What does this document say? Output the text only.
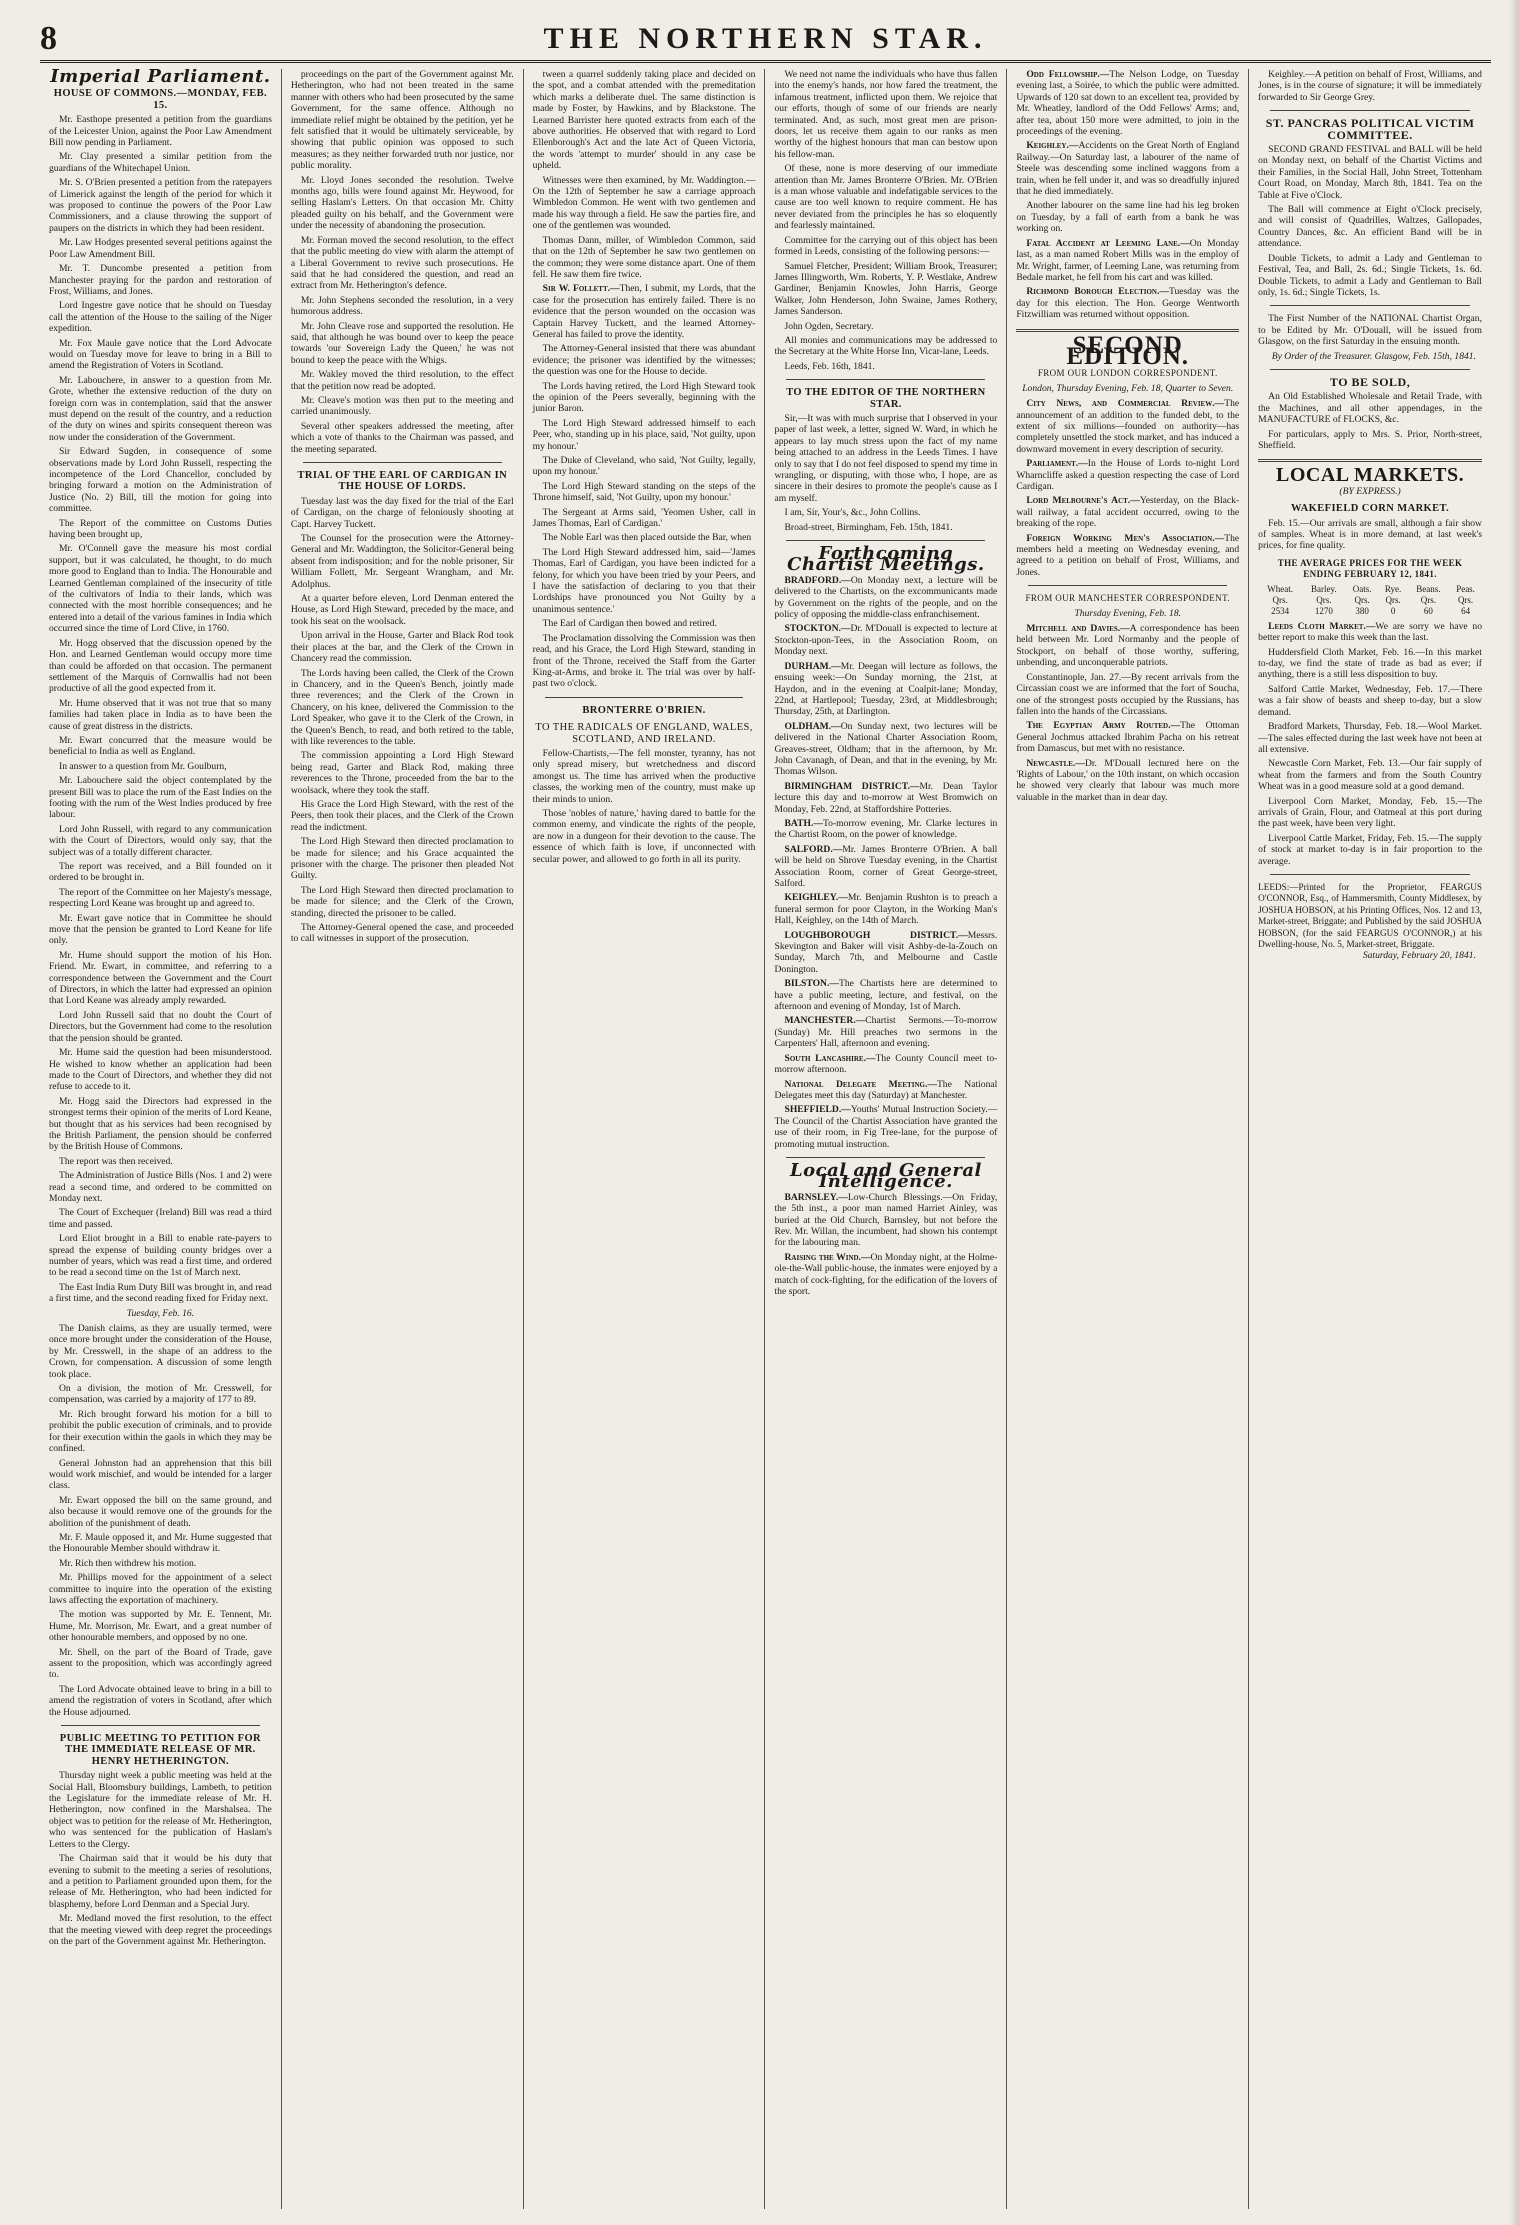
8	THE NORTHERN STAR.
Imperial Parliament.
HOUSE OF COMMONS.—MONDAY, FEB. 15.

Mr. Easthope presented a petition from the guardians of the Leicester Union, against the Poor Law Amendment Bill now pending in Parliament.

Mr. Clay presented a similar petition from the guardians of the Whitechapel Union.

Mr. S. O'Brien presented a petition from the ratepayers of Limerick against the length of the period for which it was proposed to continue the powers of the Poor Law Commissioners, and a clause throwing the support of paupers on the districts in which they had been resident.

Mr. Law Hodges presented several petitions against the Poor Law Amendment Bill.

Mr. T. Duncombe presented a petition from Manchester praying for the pardon and restoration of Frost, Williams, and Jones.

Lord Ingestre gave notice that he should on Tuesday call the attention of the House to the sailing of the Niger expedition.

Mr. Fox Maule gave notice that the Lord Advocate would on Tuesday move for leave to bring in a Bill to amend the Registration of Voters in Scotland.

Mr. Labouchere, in answer to a question from Mr. Grote, whether the extensive reduction of the duty on foreign corn was in contemplation, said that the answer must depend on the result of the country, and a reduction of the duty on wines and spirits consequent thereon was now under the consideration of the Government.

Sir Edward Sugden, in consequence of some observations made by Lord John Russell, respecting the incompetence of the Lord Chancellor, concluded by bringing forward a motion on the Administration of Justice (No. 2) Bill, till the motion for going into committee.

The Report of the committee on Customs Duties having been brought up,

Mr. O'Connell gave the measure his most cordial support, but it was calculated, he thought, to do much more good to England than to India. The Honourable and Learned Gentleman complained of the insecurity of title of the cultivators of India to their lands, which was connected with the most horrible consequences; and he entered into a detail of the various famines in India which occurred since the time of Lord Clive, in 1760.

Mr. Hogg observed that the discussion opened by the Hon. and Learned Gentleman would occupy more time than could be afforded on that occasion. The permanent settlement of the Marquis of Cornwallis had not been productive of all the good expected from it.

Mr. Hume observed that it was not true that so many families had taken place in India as to have been the cause of great distress in the districts.

Mr. Ewart concurred that the measure would be beneficial to India as well as England.

In answer to a question from Mr. Goulburn,

Mr. Labouchere said the object contemplated by the present Bill was to place the rum of the East Indies on the footing with the rum of the West Indies produced by free labour.

Lord John Russell, with regard to any communication with the Court of Directors, would only say, that the subject was of a totally different character.

The report was received, and a Bill founded on it ordered to be brought in.

The report of the Committee on her Majesty's message, respecting Lord Keane was brought up and agreed to.

Mr. Ewart gave notice that in Committee he should move that the pension be granted to Lord Keane for life only.

Mr. Hume should support the motion of his Hon. Friend. Mr. Ewart, in committee, and referring to a correspondence between the Government and the Court of Directors, in which the latter had expressed an opinion that Lord Keane was already amply rewarded.

Lord John Russell said that no doubt the Court of Directors, but the Government had come to the resolution that the pension should be granted.

Mr. Hume said the question had been misunderstood. He wished to know whether an application had been made to the Court of Directors, and whether they did not refuse to accede to it.

Mr. Hogg said the Directors had expressed in the strongest terms their opinion of the merits of Lord Keane, but thought that as his services had been recognised by the British Parliament, the pension should be conferred by the British House of Commons.

The report was then received.

The Administration of Justice Bills (Nos. 1 and 2) were read a second time, and ordered to be committed on Monday next.

The Court of Exchequer (Ireland) Bill was read a third time and passed.

Lord Eliot brought in a Bill to enable rate-payers to spread the expense of building county bridges over a number of years, which was read a first time, and ordered to be read a second time on the 1st of March next.

The East India Rum Duty Bill was brought in, and read a first time, and the second reading fixed for Friday next.

Tuesday, Feb. 16.

The Danish claims, as they are usually termed, were once more brought under the consideration of the House, by Mr. Cresswell, in the shape of an address to the Crown, for compensation. A discussion of some length took place.

On a division, the motion of Mr. Cresswell, for compensation, was carried by a majority of 177 to 89.

Mr. Rich brought forward his motion for a bill to prohibit the public execution of criminals, and to provide for their execution within the gaols in which they may be confined.

General Johnston had an apprehension that this bill would work mischief, and would be intended for a larger class.

Mr. Ewart opposed the bill on the same ground, and also because it would remove one of the grounds for the abolition of the punishment of death.

Mr. F. Maule opposed it, and Mr. Hume suggested that the Honourable Member should withdraw it.

Mr. Rich then withdrew his motion.

Mr. Phillips moved for the appointment of a select committee to inquire into the operation of the existing laws affecting the exportation of machinery.

The motion was supported by Mr. E. Tennent, Mr. Hume, Mr. Morrison, Mr. Ewart, and a great number of other honourable members, and opposed by no one.

Mr. Shell, on the part of the Board of Trade, gave assent to the proposition, which was accordingly agreed to.

The Lord Advocate obtained leave to bring in a bill to amend the registration of voters in Scotland, after which the House adjourned.

PUBLIC MEETING TO PETITION FOR THE IMMEDIATE RELEASE OF MR. HENRY HETHERINGTON.

Thursday night week a public meeting was held at the Social Hall, Bloomsbury buildings, Lambeth, to petition the Legislature for the immediate release of Mr. H. Hetherington, now confined in the Marshalsea. The object was to petition for the release of Mr. Hetherington, who was sentenced for the publication of Haslam's Letters to the Clergy.

The Chairman said that it would be his duty that evening to submit to the meeting a series of resolutions, and a petition to Parliament grounded upon them, for the release of Mr. Hetherington, who had been indicted for blasphemy, before Lord Denman and a Special Jury.

Mr. Medland moved the first resolution, to the effect that the meeting viewed with deep regret the proceedings on the part of the Government against Mr. Hetherington.

proceedings on the part of the Government against Mr. Hetherington, who had not been treated in the same manner with others who had been prosecuted by the same Government, for the same offence. Although no immediate relief might be obtained by the petition, yet he felt satisfied that it would be ultimately serviceable, by showing that public opinion was opposed to such measures; as they neither forwarded truth nor justice, nor public morality.

Mr. Lloyd Jones seconded the resolution. Twelve months ago, bills were found against Mr. Heywood, for selling Haslam's Letters. On that occasion Mr. Chitty pleaded guilty on his behalf, and the Government were under the necessity of abandoning the prosecution.

Mr. Forman moved the second resolution, to the effect that the public meeting do view with alarm the attempt of a Liberal Government to revive such prosecutions. He said that he had considered the question, and read an extract from Mr. Hetherington's defence.

Mr. John Stephens seconded the resolution, in a very humorous address.

Mr. John Cleave rose and supported the resolution. He said, that although he was bound over to keep the peace towards 'our Sovereign Lady the Queen,' he was not bound to keep the peace with the Whigs.

Mr. Wakley moved the third resolution, to the effect that the petition now read be adopted.

Mr. Cleave's motion was then put to the meeting and carried unanimously.

Several other speakers addressed the meeting, after which a vote of thanks to the Chairman was passed, and the meeting separated.

TRIAL OF THE EARL OF CARDIGAN IN THE HOUSE OF LORDS.

Tuesday last was the day fixed for the trial of the Earl of Cardigan, on the charge of feloniously shooting at Capt. Harvey Tuckett.

The Counsel for the prosecution were the Attorney-General and Mr. Waddington, the Solicitor-General being absent from indisposition; and for the noble prisoner, Sir William Follett, Mr. Sergeant Wrangham, and Mr. Adolphus.

At a quarter before eleven, Lord Denman entered the House, as Lord High Steward, preceded by the mace, and took his seat on the woolsack.

Upon arrival in the House, Garter and Black Rod took their places at the bar, and the Clerk of the Crown in Chancery read the commission.

The Lords having been called, the Clerk of the Crown in Chancery, and in the Queen's Bench, jointly made three reverences; and the Clerk of the Crown in Chancery, on his knee, delivered the Commission to the Lord Speaker, who gave it to the Clerk of the Crown, in the Queen's Bench, to read, and both retired to the table, with like reverences to the table.

The commission appointing a Lord High Steward being read, Garter and Black Rod, making three reverences to the Throne, proceeded from the bar to the woolsack, where they took the staff.

His Grace the Lord High Steward, with the rest of the Peers, then took their places, and the Clerk of the Crown read the indictment.

The Lord High Steward then directed proclamation to be made for silence; and his Grace acquainted the prisoner with the charge. The prisoner then pleaded Not Guilty.

The Lord High Steward then directed proclamation to be made for silence; and the Clerk of the Crown, standing, directed the prisoner to be called.

The Attorney-General opened the case, and proceeded to call witnesses in support of the prosecution.

tween a quarrel suddenly taking place and decided on the spot, and a combat attended with the premeditation which marks a deliberate duel. The same distinction is made by Foster, by Hawkins, and by Blackstone. The Learned Barrister here quoted extracts from each of the above authorities. He observed that with regard to Lord Ellenborough's Act and the late Act of Queen Victoria, the words 'attempt to murder' should in any case be upheld.

Witnesses were then examined, by Mr. Waddington.—On the 12th of September he saw a carriage approach Wimbledon Common. He went with two gentlemen and made his way through a field. He saw the parties fire, and one of the gentlemen was wounded.

Thomas Dann, miller, of Wimbledon Common, said that on the 12th of September he saw two gentlemen on the common; they were some distance apart. One of them fell. He saw them fire twice.

Sir W. Follett.—Then, I submit, my Lords, that the case for the prosecution has entirely failed. There is no evidence that the person wounded on the occasion was Captain Harvey Tuckett, and the learned Attorney-General has failed to prove the identity.

The Attorney-General insisted that there was abundant evidence; the prisoner was identified by the witnesses; the question was one for the House to decide.

The Lords having retired, the Lord High Steward took the opinion of the Peers severally, beginning with the junior Baron.

The Lord High Steward addressed himself to each Peer, who, standing up in his place, said, 'Not guilty, upon my honour.'

The Duke of Cleveland, who said, 'Not Guilty, legally, upon my honour.'

The Lord High Steward standing on the steps of the Throne himself, said, 'Not Guilty, upon my honour.'

The Sergeant at Arms said, 'Yeomen Usher, call in James Thomas, Earl of Cardigan.'

The Noble Earl was then placed outside the Bar, when

The Lord High Steward addressed him, said—'James Thomas, Earl of Cardigan, you have been indicted for a felony, for which you have been tried by your Peers, and I have the satisfaction of declaring to you that their Lordships have pronounced you Not Guilty by a unanimous sentence.'

The Earl of Cardigan then bowed and retired.

The Proclamation dissolving the Commission was then read, and his Grace, the Lord High Steward, standing in front of the Throne, received the Staff from the Garter King-at-Arms, and broke it. The trial was over by half-past two o'clock.

BRONTERRE O'BRIEN.
TO THE RADICALS OF ENGLAND, WALES, SCOTLAND, AND IRELAND.

Fellow-Chartists,—The fell monster, tyranny, has not only spread misery, but wretchedness and discord amongst us. The time has arrived when the productive classes, the working men of the country, must make up their minds to union.

Those 'nobles of nature,' having dared to battle for the common enemy, and vindicate the rights of the people, are now in a dungeon for their devotion to the cause. The essence of which faith is love, if unconnected with secular power, and allowed to go forth in all its purity.

We need not name the individuals who have thus fallen into the enemy's hands, nor how fared the treatment, the infamous treatment, inflicted upon them. We rejoice that our efforts, though of some of our friends are nearly terminated. And, as such, most great men are prison-doors, let us receive them again to our ranks as men worthy of the highest honours that man can bestow upon his fellow-man.

Of these, none is more deserving of our immediate attention than Mr. James Bronterre O'Brien. Mr. O'Brien is a man whose valuable and indefatigable services to the cause are too well known to require comment. He has never deviated from the principles he has so eloquently and fearlessly maintained.

Committee for the carrying out of this object has been formed in Leeds, consisting of the following persons:—

Samuel Fletcher, President; William Brook, Treasurer; James Illingworth, Wm. Roberts, Y. P. Westlake, Andrew Gardiner, Benjamin Knowles, John Harris, George Walker, John Henderson, John Swaine, James Rothery, James Sanderson.

John Ogden, Secretary.

All monies and communications may be addressed to the Secretary at the White Horse Inn, Vicar-lane, Leeds.

Leeds, Feb. 16th, 1841.

TO THE EDITOR OF THE NORTHERN STAR.

Sir,—It was with much surprise that I observed in your paper of last week, a letter, signed W. Ward, in which he appears to lay much stress upon the fact of my name being attached to an address in the Leeds Times. I have only to say that I do not feel disposed to spend my time in wrangling, or disputing, with those who, I hope, are as sincere in their desires to promote the people's cause as I am myself.

I am, Sir, Your's, &c., John Collins.

Broad-street, Birmingham, Feb. 15th, 1841.

Forthcoming Chartist Meetings.

BRADFORD.—On Monday next, a lecture will be delivered to the Chartists, on the excommunicants made by Government on the rights of the people, and on the policy of opposing the middle-class enfranchisement.

STOCKTON.—Dr. M'Douall is expected to lecture at Stockton-upon-Tees, in the Association Room, on Monday next.

DURHAM.—Mr. Deegan will lecture as follows, the ensuing week:—On Sunday morning, the 21st, at Haydon, and in the evening at Coalpit-lane; Monday, 22nd, at Hartlepool; Tuesday, 23rd, at Middlesbrough; Thursday, 25th, at Darlington.

OLDHAM.—On Sunday next, two lectures will be delivered in the National Charter Association Room, Greaves-street, Oldham; that in the afternoon, by Mr. John Cavanagh, of Dean, and that in the evening, by Mr. Thomas Wilson.

BIRMINGHAM DISTRICT.—Mr. Dean Taylor lecture this day and to-morrow at West Bromwich on Monday, Feb. 22nd, at Staffordshire Potteries.

BATH.—To-morrow evening, Mr. Clarke lectures in the Chartist Room, on the power of knowledge.

SALFORD.—Mr. James Bronterre O'Brien. A ball will be held on Shrove Tuesday evening, in the Chartist Association Room, corner of Great George-street, Salford.

KEIGHLEY.—Mr. Benjamin Rushton is to preach a funeral sermon for poor Clayton, in the Working Man's Hall, Keighley, on the 14th of March.

LOUGHBOROUGH DISTRICT.—Messrs. Skevington and Baker will visit Ashby-de-la-Zouch on Sunday, March 7th, and Melbourne and Castle Donington.

BILSTON.—The Chartists here are determined to have a public meeting, lecture, and festival, on the afternoon and evening of Monday, 1st of March.

MANCHESTER.—Chartist Sermons.—To-morrow (Sunday) Mr. Hill preaches two sermons in the Carpenters' Hall, afternoon and evening.

South Lancashire.—The County Council meet to-morrow afternoon.

National Delegate Meeting.—The National Delegates meet this day (Saturday) at Manchester.

SHEFFIELD.—Youths' Mutual Instruction Society.—The Council of the Chartist Association have granted the use of their room, in Fig Tree-lane, for the purpose of promoting mutual instruction.

Local and General Intelligence.

BARNSLEY.—Low-Church Blessings.—On Friday, the 5th inst., a poor man named Harriet Ainley, was buried at the Old Church, Barnsley, but not before the Rev. Mr. Willan, the incumbent, had shown his contempt for the labouring man.

Raising the Wind.—On Monday night, at the Holme-ole-the-Wall public-house, the inmates were enjoyed by a match of cock-fighting, for the edification of the lovers of the sport.

Odd Fellowship.—The Nelson Lodge, on Tuesday evening last, a Soirée, to which the public were admitted. Upwards of 120 sat down to an excellent tea, provided by Mr. Wheatley, landlord of the Odd Fellows' Arms; and, after tea, about 150 more were admitted, to join in the proceedings of the evening.

Keighley.—Accidents on the Great North of England Railway.—On Saturday last, a labourer of the name of Steele was descending some inclined waggons from a train, when he fell under it, and was so dreadfully injured that he died immediately.

Another labourer on the same line had his leg broken on Tuesday, by a fall of earth from a bank he was working on.

Fatal Accident at Leeming Lane.—On Monday last, as a man named Robert Mills was in the employ of Mr. Wright, farmer, of Leeming Lane, was returning from Bedale market, he fell from his cart and was killed.

Richmond Borough Election.—Tuesday was the day for this election. The Hon. George Wentworth Fitzwilliam was returned without opposition.

SECOND EDITION.
FROM OUR LONDON CORRESPONDENT.
London, Thursday Evening, Feb. 18, Quarter to Seven.

City News, and Commercial Review.—The announcement of an addition to the funded debt, to the extent of six millions—founded on authority—has completely unsettled the stock market, and has induced a downward movement in every description of security.

Parliament.—In the House of Lords to-night Lord Wharncliffe asked a question respecting the case of Lord Cardigan.

Lord Melbourne's Act.—Yesterday, on the Black-wall railway, a fatal accident occurred, owing to the breaking of the rope.

Foreign Working Men's Association.—The members held a meeting on Wednesday evening, and agreed to a petition on behalf of Frost, Williams, and Jones.

FROM OUR MANCHESTER CORRESPONDENT.
Thursday Evening, Feb. 18.

Mitchell and Davies.—A correspondence has been held between Mr. Lord Normanby and the people of Stockport, on behalf of those worthy, suffering, unbending, and unconquerable patriots.

Constantinople, Jan. 27.—By recent arrivals from the Circassian coast we are informed that the fort of Soucha, one of the strongest posts occupied by the Russians, has fallen into the hands of the Circassians.

The Egyptian Army Routed.—The Ottoman General Jochmus attacked Ibrahim Pacha on his retreat from Damascus, but met with no resistance.

Newcastle.—Dr. M'Douall lectured here on the 'Rights of Labour,' on the 10th instant, on which occasion he showed very clearly that labour was much more valuable in the market than in dear day.

Keighley.—A petition on behalf of Frost, Williams, and Jones, is in the course of signature; it will be immediately forwarded to Sir George Grey.

ST. PANCRAS POLITICAL VICTIM COMMITTEE.

SECOND GRAND FESTIVAL and BALL will be held on Monday next, on behalf of the Chartist Victims and their Families, in the Social Hall, John Street, Tottenham Court Road, on Monday, March 8th, 1841. Tea on the Table at Five o'Clock.

The Ball will commence at Eight o'Clock precisely, and will consist of Quadrilles, Waltzes, Gallopades, Country Dances, &c. An efficient Band will be in attendance.

Double Tickets, to admit a Lady and Gentleman to Festival, Tea, and Ball, 2s. 6d.; Single Tickets, 1s. 6d. Double Tickets, to admit a Lady and Gentleman to Ball only, 1s. 6d.; Single Tickets, 1s.

The First Number of the NATIONAL Chartist Organ, to be Edited by Mr. O'Douall, will be issued from Glasgow, on the first Saturday in the ensuing month.

By Order of the Treasurer. Glasgow, Feb. 15th, 1841.
TO BE SOLD,

An Old Established Wholesale and Retail Trade, with the Machines, and all other appendages, in the MANUFACTURE of FLOCKS, &c.

For particulars, apply to Mrs. S. Prior, North-street, Sheffield.

LOCAL MARKETS.
(BY EXPRESS.)
WAKEFIELD CORN MARKET.

Feb. 15.—Our arrivals are small, although a fair show of samples. Wheat is in more demand, at last week's prices, for fine quality.

THE AVERAGE PRICES FOR THE WEEK ENDING FEBRUARY 12, 1841.
Wheat.	Barley.	Oats.	Rye.	Beans.	Peas.
Qrs.	Qrs.	Qrs.	Qrs.	Qrs.	Qrs.
2534	1270	380	0	60	64

Leeds Cloth Market.—We are sorry we have no better report to make this week than the last.

Huddersfield Cloth Market, Feb. 16.—In this market to-day, we find the state of trade as bad as ever; if anything, there is a still less disposition to buy.

Salford Cattle Market, Wednesday, Feb. 17.—There was a fair show of beasts and sheep to-day, but a slow demand.

Bradford Markets, Thursday, Feb. 18.—Wool Market.—The sales effected during the last week have not been at all extensive.

Newcastle Corn Market, Feb. 13.—Our fair supply of wheat from the farmers and from the South Country Wheat was in a good measure sold at a good demand.

Liverpool Corn Market, Monday, Feb. 15.—The arrivals of Grain, Flour, and Oatmeal at this port during the past week, have been very light.

Liverpool Cattle Market, Friday, Feb. 15.—The supply of stock at market to-day is in fair proportion to the average.

LEEDS:—Printed for the Proprietor, FEARGUS O'CONNOR, Esq., of Hammersmith, County Middlesex, by JOSHUA HOBSON, at his Printing Offices, Nos. 12 and 13, Market-street, Briggate; and Published by the said JOSHUA HOBSON, (for the said FEARGUS O'CONNOR,) at his Dwelling-house, No. 5, Market-street, Briggate.
Saturday, February 20, 1841.
